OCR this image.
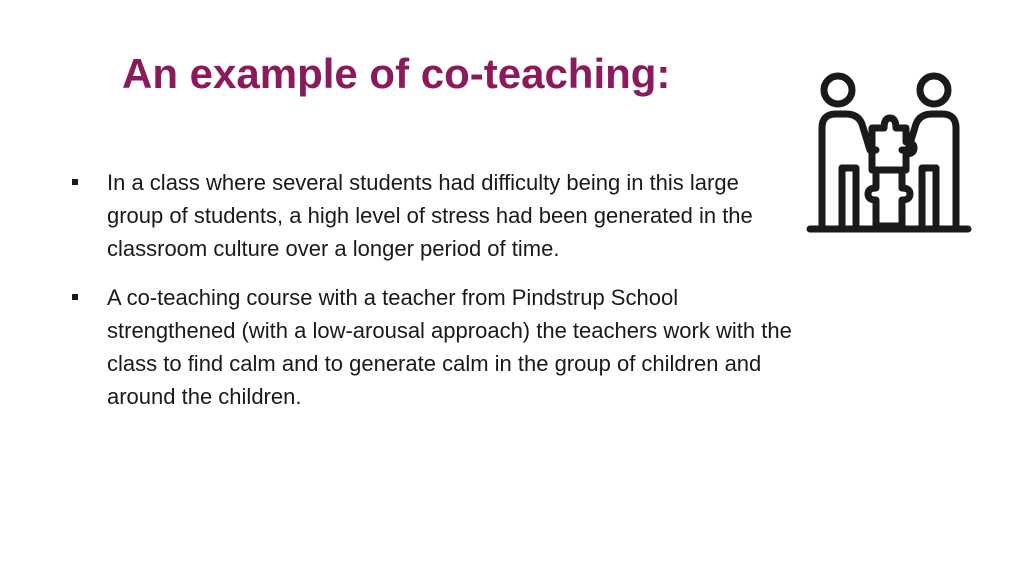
An example of co-teaching:
In a class where several students had difficulty being in this large group of students, a high level of stress had been generated in the classroom culture over a longer period of time.
A co-teaching course with a teacher from Pindstrup School strengthened (with a low-arousal approach) the teachers work with the class to find calm and to generate calm in the group of children and around the children.
